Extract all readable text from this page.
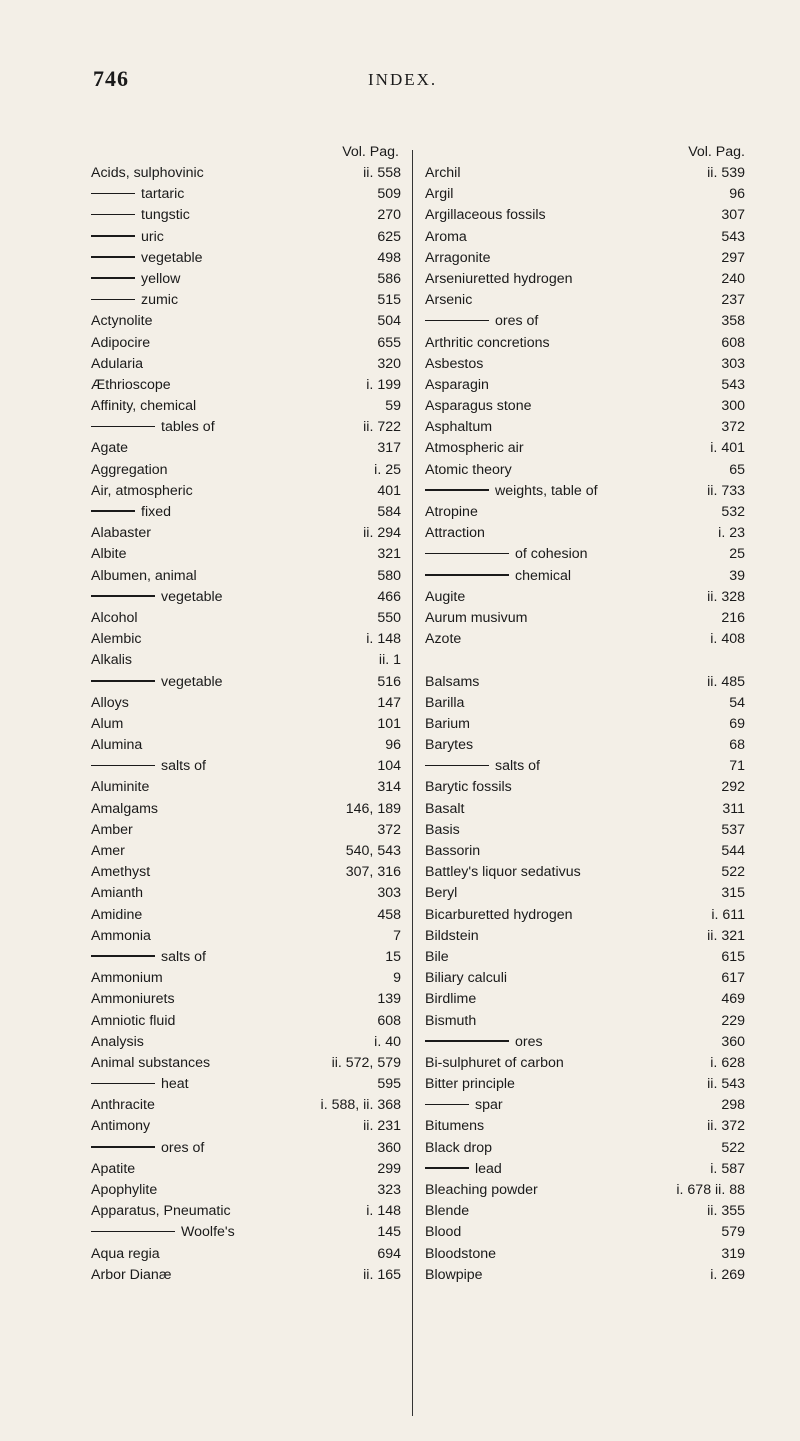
746	INDEX.
Vol. Pag.
Acids, sulphovinic	ii. 558
tartaric	509
tungstic	270
uric	625
vegetable	498
yellow	586
zumic	515
Actynolite	504
Adipocire	655
Adularia	320
Æthrioscope	i. 199
Affinity, chemical	59
tables of	ii. 722
Agate	317
Aggregation	i. 25
Air, atmospheric	401
fixed	584
Alabaster	ii. 294
Albite	321
Albumen, animal	580
vegetable	466
Alcohol	550
Alembic	i. 148
Alkalis	ii. 1
vegetable	516
Alloys	147
Alum	101
Alumina	96
salts of	104
Aluminite	314
Amalgams	146, 189
Amber	372
Amer	540, 543
Amethyst	307, 316
Amianth	303
Amidine	458
Ammonia	7
salts of	15
Ammonium	9
Ammoniurets	139
Amniotic fluid	608
Analysis	i. 40
Animal substances	ii. 572, 579
heat	595
Anthracite	i. 588, ii. 368
Antimony	ii. 231
ores of	360
Apatite	299
Apophylite	323
Apparatus, Pneumatic	i. 148
Woolfe's	145
Aqua regia	694
Arbor Dianæ	ii. 165
Vol. Pag.
Archil	ii. 539
Argil	96
Argillaceous fossils	307
Aroma	543
Arragonite	297
Arseniuretted hydrogen	240
Arsenic	237
ores of	358
Arthritic concretions	608
Asbestos	303
Asparagin	543
Asparagus stone	300
Asphaltum	372
Atmospheric air	i. 401
Atomic theory	65
weights, table of	ii. 733
Atropine	532
Attraction	i. 23
of cohesion	25
chemical	39
Augite	ii. 328
Aurum musivum	216
Azote	i. 408
Balsams	ii. 485
Barilla	54
Barium	69
Barytes	68
salts of	71
Barytic fossils	292
Basalt	311
Basis	537
Bassorin	544
Battley's liquor sedativus	522
Beryl	315
Bicarburetted hydrogen	i. 611
Bildstein	ii. 321
Bile	615
Biliary calculi	617
Birdlime	469
Bismuth	229
ores	360
Bi-sulphuret of carbon	i. 628
Bitter principle	ii. 543
spar	298
Bitumens	ii. 372
Black drop	522
lead	i. 587
Bleaching powder	i. 678 ii. 88
Blende	ii. 355
Blood	579
Bloodstone	319
Blowpipe	i. 269
